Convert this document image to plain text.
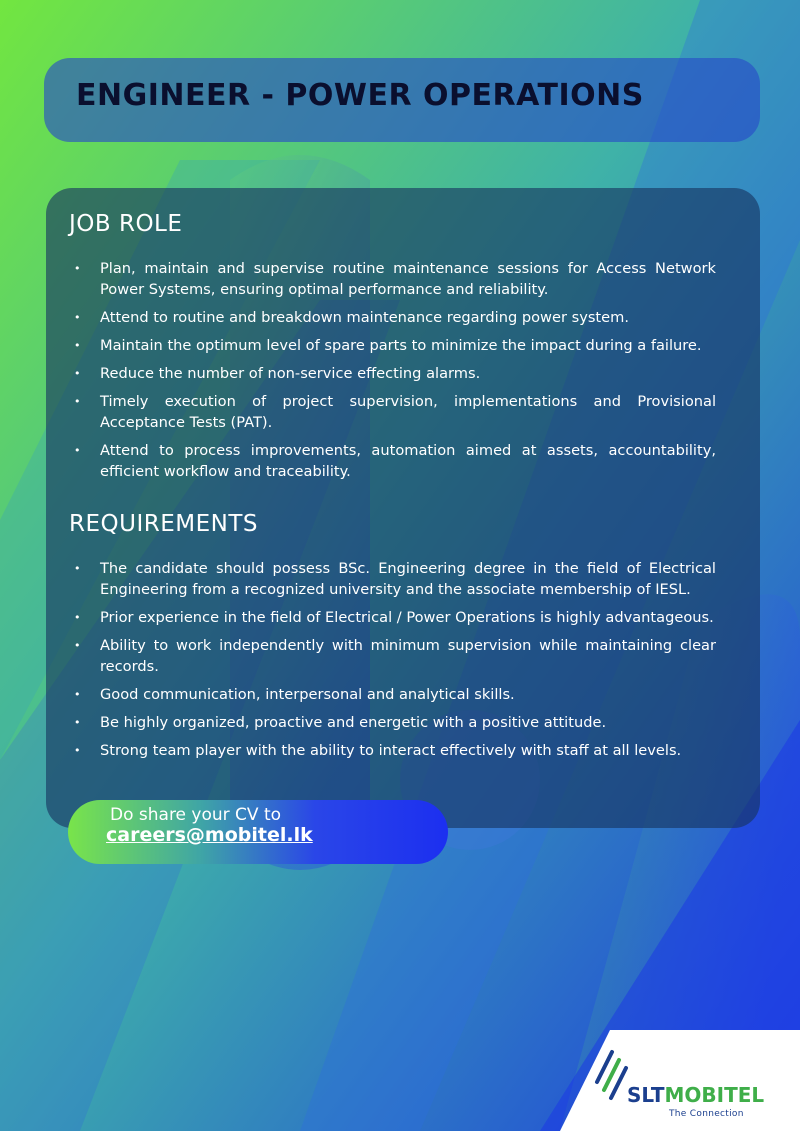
ENGINEER - POWER OPERATIONS
JOB ROLE
• Plan, maintain and supervise routine maintenance sessions for Access Network Power Systems, ensuring optimal performance and reliability.
• Attend to routine and breakdown maintenance regarding power system.
• Maintain the optimum level of spare parts to minimize the impact during a failure.
• Reduce the number of non-service effecting alarms.
• Timely execution of project supervision, implementations and Provisional Acceptance Tests (PAT).
• Attend to process improvements, automation aimed at assets, accountability, efficient workflow and traceability.
REQUIREMENTS
• The candidate should possess BSc. Engineering degree in the field of Electrical Engineering from a recognized university and the associate membership of IESL.
• Prior experience in the field of Electrical / Power Operations is highly advantageous.
• Ability to work independently with minimum supervision while maintaining clear records.
• Good communication, interpersonal and analytical skills.
• Be highly organized, proactive and energetic with a positive attitude.
• Strong team player with the ability to interact effectively with staff at all levels.
Do share your CV to
careers@mobitel.lk
SLTMOBITEL
The Connection
